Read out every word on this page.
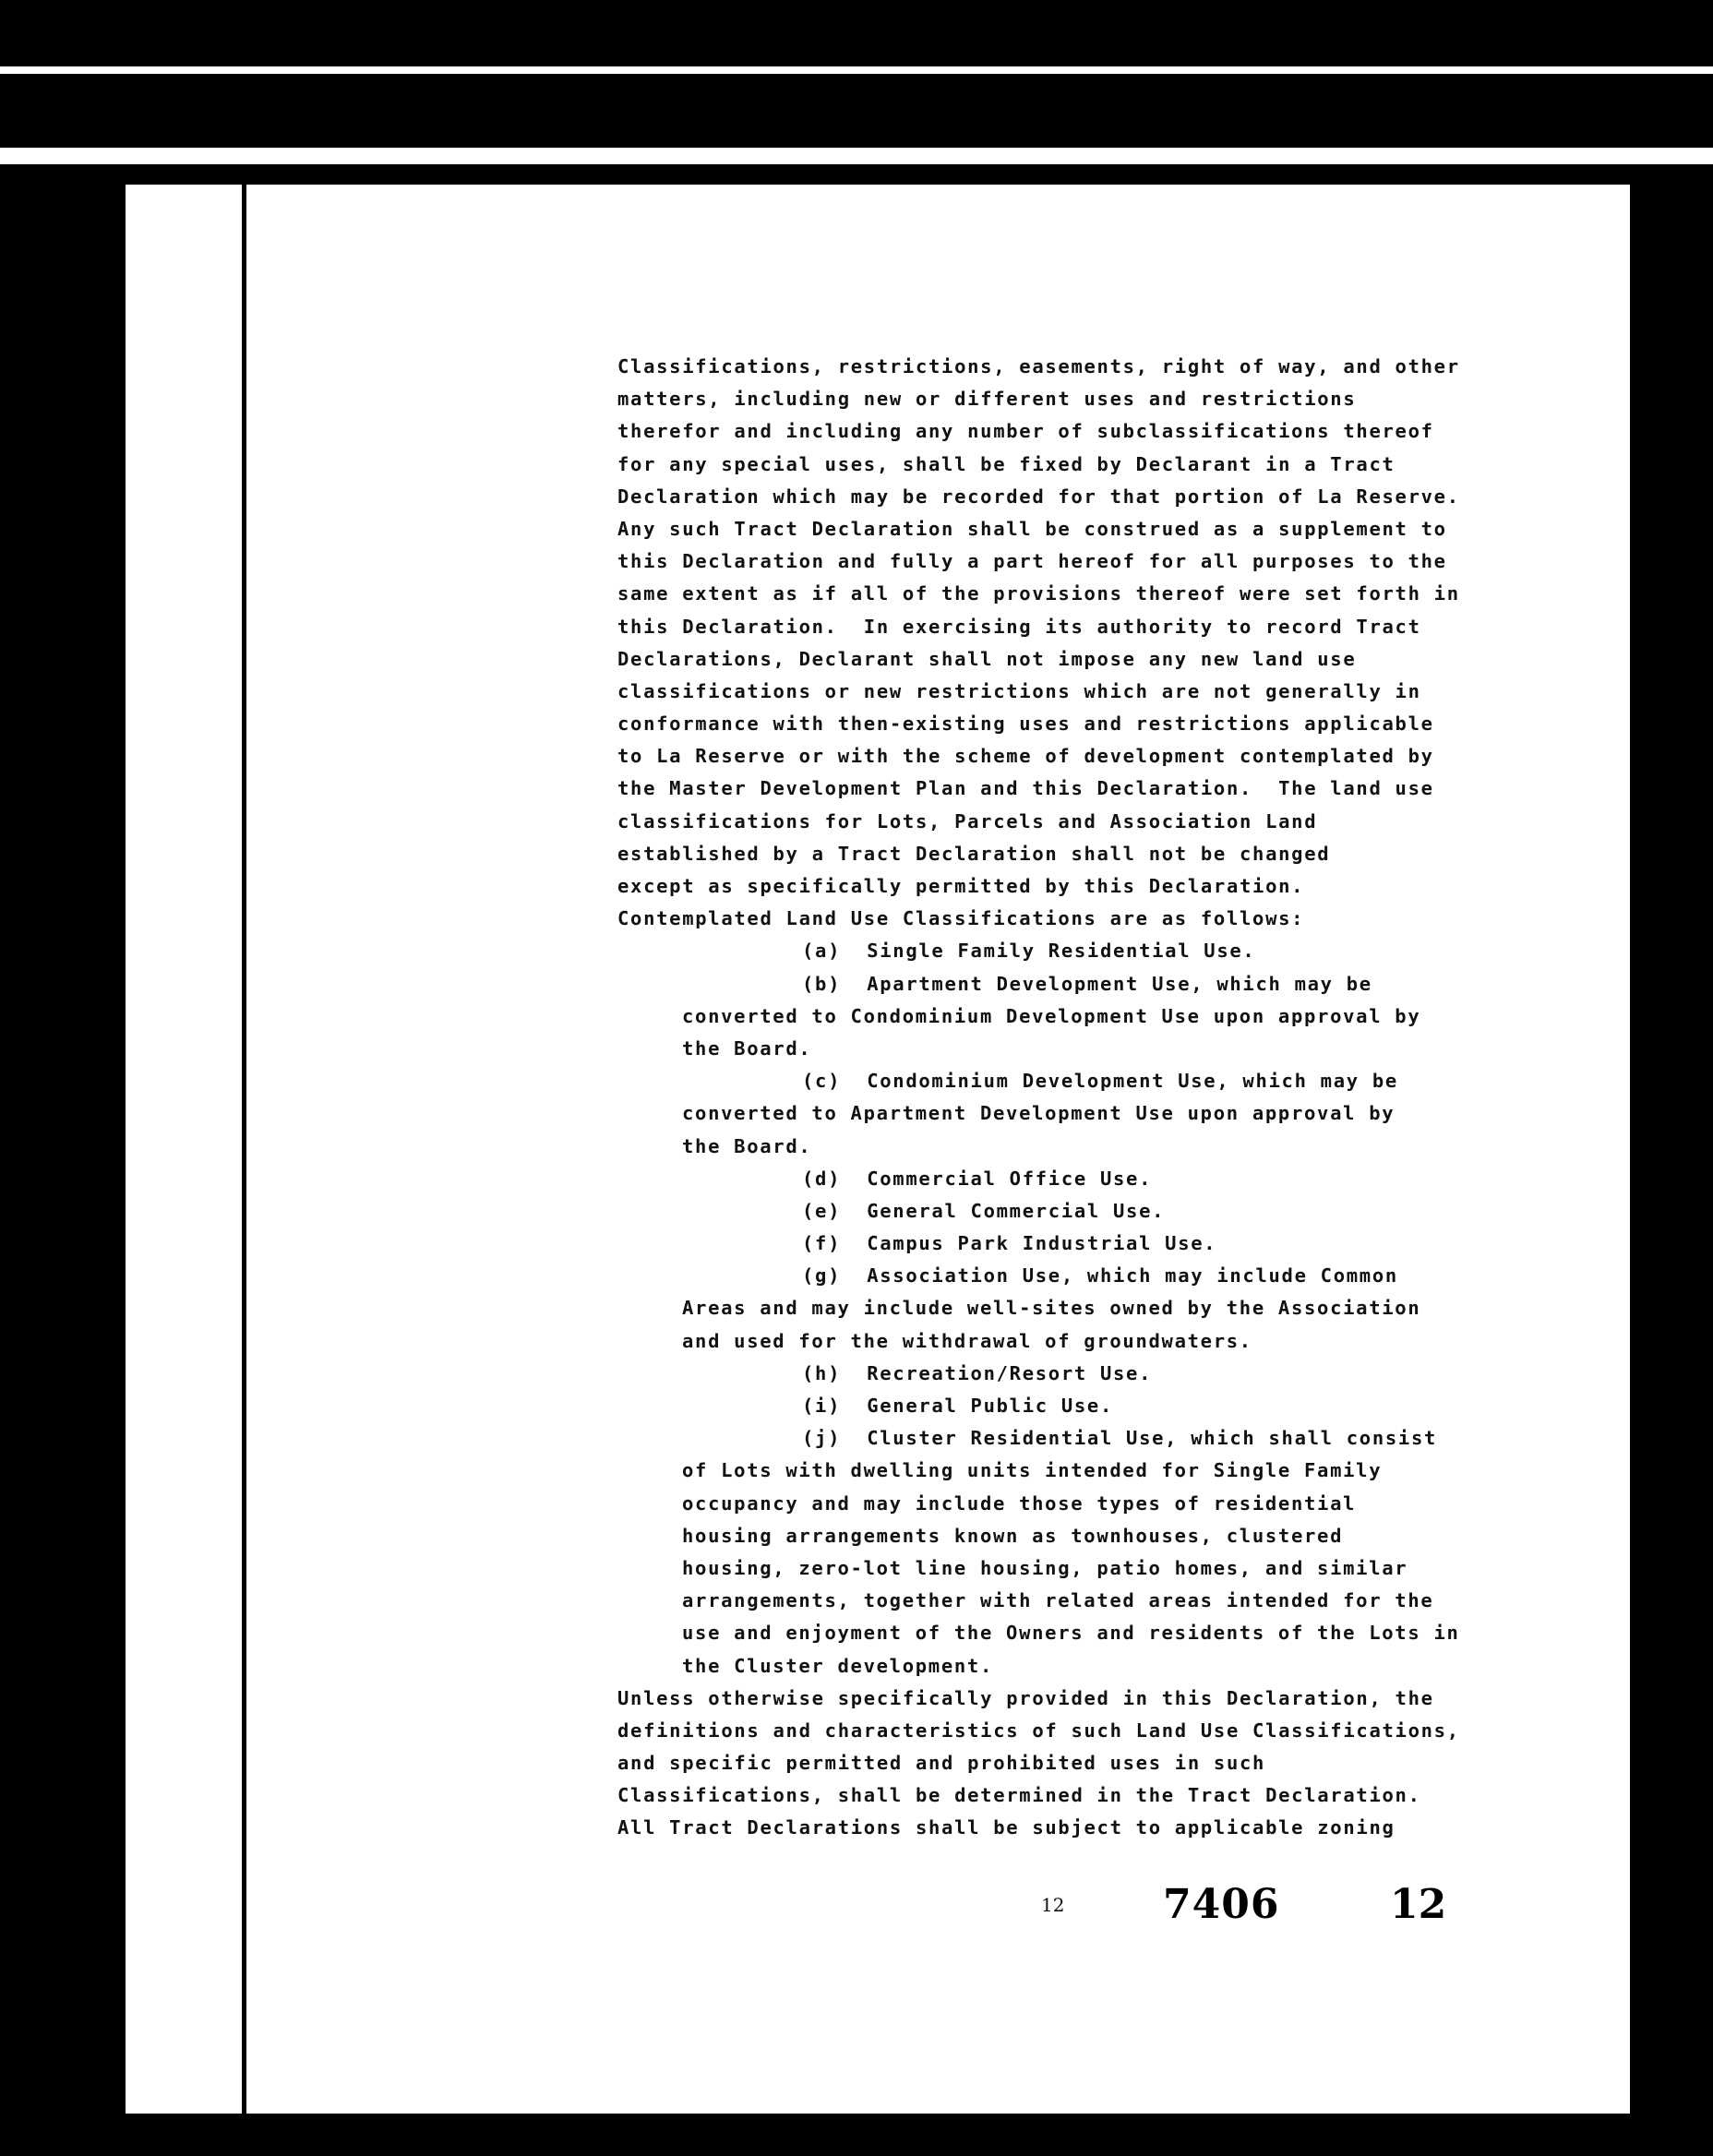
Classifications, restrictions, easements, right of way, and other
matters, including new or different uses and restrictions
therefor and including any number of subclassifications thereof
for any special uses, shall be fixed by Declarant in a Tract
Declaration which may be recorded for that portion of La Reserve.
Any such Tract Declaration shall be construed as a supplement to
this Declaration and fully a part hereof for all purposes to the
same extent as if all of the provisions thereof were set forth in
this Declaration.  In exercising its authority to record Tract
Declarations, Declarant shall not impose any new land use
classifications or new restrictions which are not generally in
conformance with then-existing uses and restrictions applicable
to La Reserve or with the scheme of development contemplated by
the Master Development Plan and this Declaration.  The land use
classifications for Lots, Parcels and Association Land
established by a Tract Declaration shall not be changed
except as specifically permitted by this Declaration.
Contemplated Land Use Classifications are as follows:
(a)  Single Family Residential Use.
(b)  Apartment Development Use, which may be
converted to Condominium Development Use upon approval by
the Board.
(c)  Condominium Development Use, which may be
converted to Apartment Development Use upon approval by
the Board.
(d)  Commercial Office Use.
(e)  General Commercial Use.
(f)  Campus Park Industrial Use.
(g)  Association Use, which may include Common
Areas and may include well-sites owned by the Association
and used for the withdrawal of groundwaters.
(h)  Recreation/Resort Use.
(i)  General Public Use.
(j)  Cluster Residential Use, which shall consist
of Lots with dwelling units intended for Single Family
occupancy and may include those types of residential
housing arrangements known as townhouses, clustered
housing, zero-lot line housing, patio homes, and similar
arrangements, together with related areas intended for the
use and enjoyment of the Owners and residents of the Lots in
the Cluster development.
Unless otherwise specifically provided in this Declaration, the
definitions and characteristics of such Land Use Classifications,
and specific permitted and prohibited uses in such
Classifications, shall be determined in the Tract Declaration.
All Tract Declarations shall be subject to applicable zoning
12 7406	12
